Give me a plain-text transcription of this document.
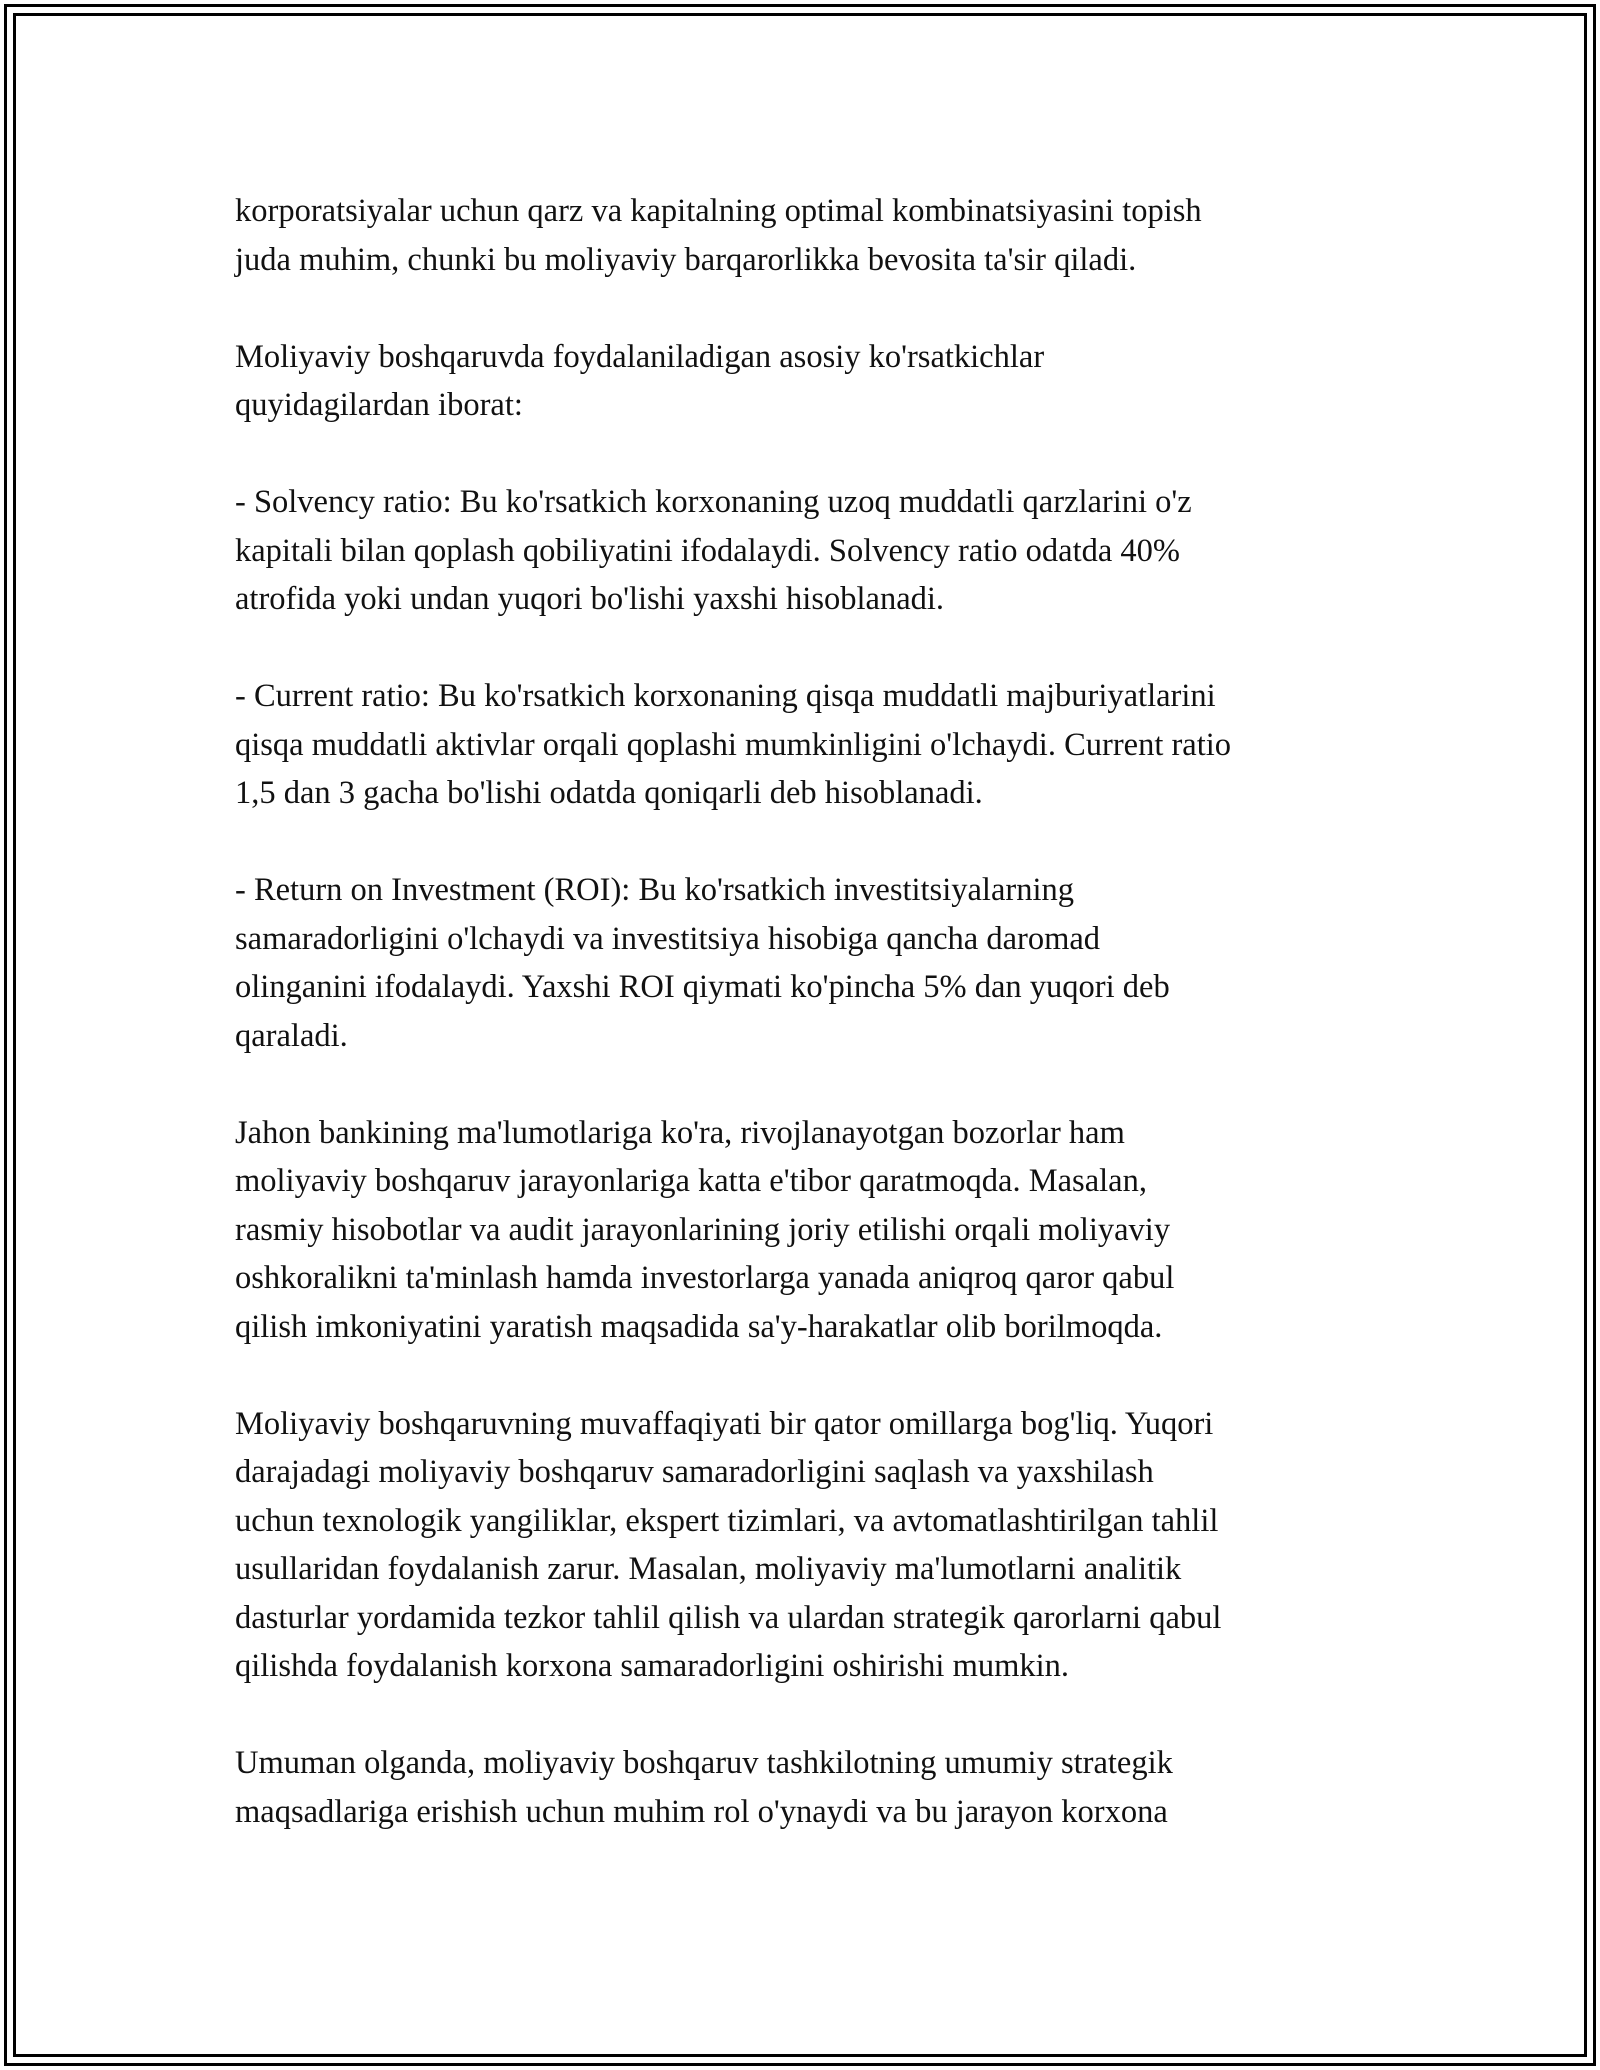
korporatsiyalar uchun qarz va kapitalning optimal kombinatsiyasini topish
juda muhim, chunki bu moliyaviy barqarorlikka bevosita ta'sir qiladi.

Moliyaviy boshqaruvda foydalaniladigan asosiy ko'rsatkichlar
quyidagilardan iborat:

- Solvency ratio: Bu ko'rsatkich korxonaning uzoq muddatli qarzlarini o'z
kapitali bilan qoplash qobiliyatini ifodalaydi. Solvency ratio odatda 40%
atrofida yoki undan yuqori bo'lishi yaxshi hisoblanadi.

- Current ratio: Bu ko'rsatkich korxonaning qisqa muddatli majburiyatlarini
qisqa muddatli aktivlar orqali qoplashi mumkinligini o'lchaydi. Current ratio
1,5 dan 3 gacha bo'lishi odatda qoniqarli deb hisoblanadi.

- Return on Investment (ROI): Bu ko'rsatkich investitsiyalarning
samaradorligini o'lchaydi va investitsiya hisobiga qancha daromad
olinganini ifodalaydi. Yaxshi ROI qiymati ko'pincha 5% dan yuqori deb
qaraladi.

Jahon bankining ma'lumotlariga ko'ra, rivojlanayotgan bozorlar ham
moliyaviy boshqaruv jarayonlariga katta e'tibor qaratmoqda. Masalan,
rasmiy hisobotlar va audit jarayonlarining joriy etilishi orqali moliyaviy
oshkoralikni ta'minlash hamda investorlarga yanada aniqroq qaror qabul
qilish imkoniyatini yaratish maqsadida sa'y-harakatlar olib borilmoqda.

Moliyaviy boshqaruvning muvaffaqiyati bir qator omillarga bog'liq. Yuqori
darajadagi moliyaviy boshqaruv samaradorligini saqlash va yaxshilash
uchun texnologik yangiliklar, ekspert tizimlari, va avtomatlashtirilgan tahlil
usullaridan foydalanish zarur. Masalan, moliyaviy ma'lumotlarni analitik
dasturlar yordamida tezkor tahlil qilish va ulardan strategik qarorlarni qabul
qilishda foydalanish korxona samaradorligini oshirishi mumkin.

Umuman olganda, moliyaviy boshqaruv tashkilotning umumiy strategik
maqsadlariga erishish uchun muhim rol o'ynaydi va bu jarayon korxona
